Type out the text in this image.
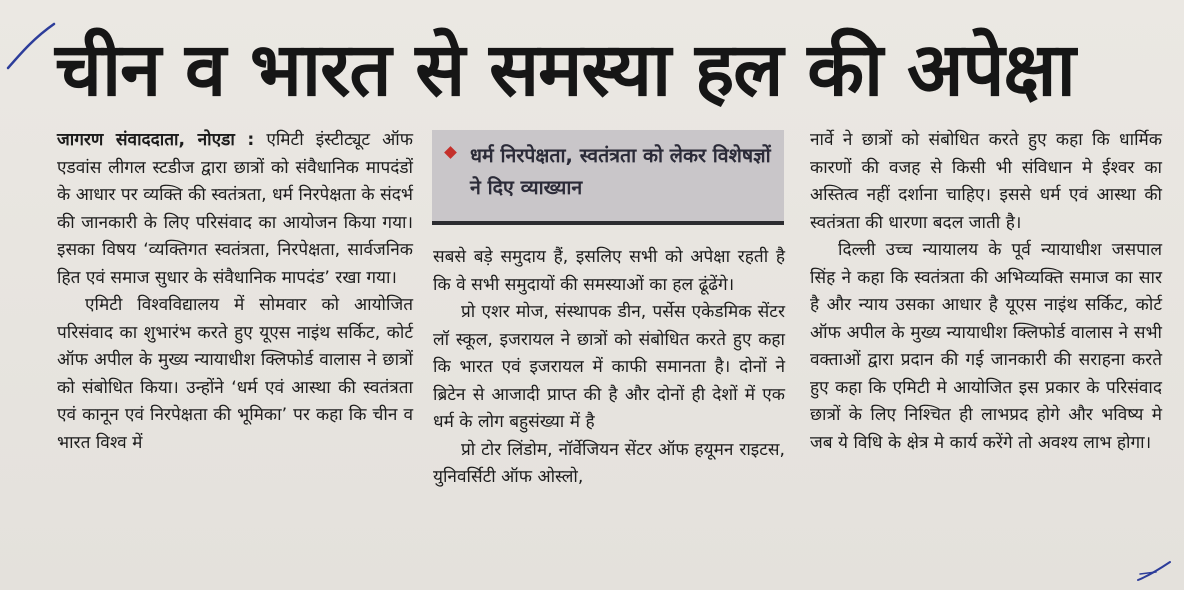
चीन व भारत से समस्या हल की अपेक्षा

जागरण संवाददाता, नोएडा : एमिटी इंस्टीट्यूट ऑफ एडवांस लीगल स्टडीज द्वारा छात्रों को संवैधानिक मापदंडों के आधार पर व्यक्ति की स्वतंत्रता, धर्म निरपेक्षता के संदर्भ की जानकारी के लिए परिसंवाद का आयोजन किया गया। इसका विषय ‘व्यक्तिगत स्वतंत्रता, निरपेक्षता, सार्वजनिक हित एवं समाज सुधार के संवैधानिक मापदंड’ रखा गया।

एमिटी विश्वविद्यालय में सोमवार को आयोजित परिसंवाद का शुभारंभ करते हुए यूएस नाइंथ सर्किट, कोर्ट ऑफ अपील के मुख्य न्यायाधीश क्लिफोर्ड वालास ने छात्रों को संबोधित किया। उन्होंने ‘धर्म एवं आस्था की स्वतंत्रता एवं कानून एवं निरपेक्षता की भूमिका’ पर कहा कि चीन व भारत विश्व में

धर्म निरपेक्षता, स्वतंत्रता को लेकर विशेषज्ञों ने दिए व्याख्यान

सबसे बड़े समुदाय हैं, इसलिए सभी को अपेक्षा रहती है कि वे सभी समुदायों की समस्याओं का हल ढूंढेंगे।

प्रो एशर मोज, संस्थापक डीन, पर्सेस एकेडमिक सेंटर लॉ स्कूल, इजरायल ने छात्रों को संबोधित करते हुए कहा कि भारत एवं इजरायल में काफी समानता है। दोनों ने ब्रिटेन से आजादी प्राप्त की है और दोनों ही देशों में एक धर्म के लोग बहुसंख्या में है

प्रो टोर लिंडोम, नॉर्वेजियन सेंटर ऑफ हयूमन राइटस, युनिवर्सिटी ऑफ ओस्लो,

नार्वे ने छात्रों को संबोधित करते हुए कहा कि धार्मिक कारणों की वजह से किसी भी संविधान मे ईश्वर का अस्तित्व नहीं दर्शाना चाहिए। इससे धर्म एवं आस्था की स्वतंत्रता की धारणा बदल जाती है।

दिल्ली उच्च न्यायालय के पूर्व न्यायाधीश जसपाल सिंह ने कहा कि स्वतंत्रता की अभिव्यक्ति समाज का सार है और न्याय उसका आधार है यूएस नाइंथ सर्किट, कोर्ट ऑफ अपील के मुख्य न्यायाधीश क्लिफोर्ड वालास ने सभी वक्ताओं द्वारा प्रदान की गई जानकारी की सराहना करते हुए कहा कि एमिटी मे आयोजित इस प्रकार के परिसंवाद छात्रों के लिए निश्चित ही लाभप्रद होगे और भविष्य मे जब ये विधि के क्षेत्र मे कार्य करेंगे तो अवश्य लाभ होगा।
